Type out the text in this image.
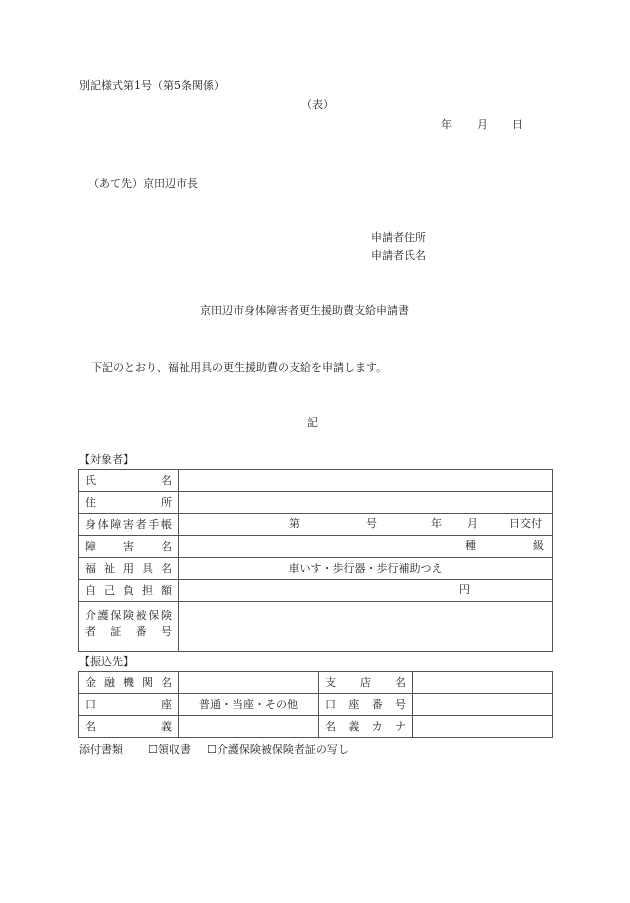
別記様式第1号（第5条関係）
（表）
年 月 日
（あて先）京田辺市長
申請者住所
申請者氏名
京田辺市身体障害者更生援助費支給申請書
下記のとおり、福祉用具の更生援助費の支給を申請します。
記
【対象者】
氏 名	

住 所	

身 体 障 害 者 手 帳	第	号	年 月	日交付

障 害 名	種 級

福 祉 用 具 名	車いす・歩行器・歩行補助つえ

自 己 負 担 額	円

介 護 保 険 被 保 険
者 証 番 号

【振込先】
金 融 機 関 名		支 店 名	

口 座	普通・当座・その他	口 座 番 号	

名 義		名 義 カ ナ	

添付書類 ☐領収書 ☐介護保険被保険者証の写し
